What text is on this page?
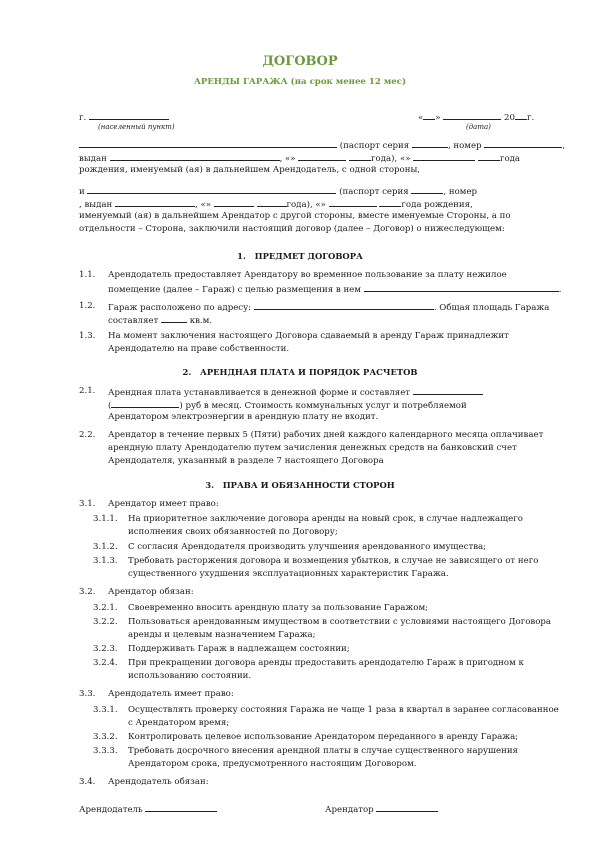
ДОГОВОР
АРЕНДЫ ГАРАЖА (на срок менее 12 мес)
г.
(населенный пункт)
« »	20 г.
(дата)
(паспорт серия	, номер	,
выдан	, «»	года), «»	года
рождения, именуемый (ая) в дальнейшем Арендодатель, с одной стороны,
и	(паспорт серия	, номер
, выдан	, «»	года), «»	года рождения,
именуемый (ая) в дальнейшем Арендатор с другой стороны, вместе именуемые Стороны, а по
отдельности – Сторона, заключили настоящий договор (далее – Договор) о нижеследующем:
1.   ПРЕДМЕТ ДОГОВОРА
1.1. Арендодатель предоставляет Арендатору во временное пользование за плату нежилое
помещение (далее – Гараж) с целью размещения в нем	.
1.2. Гараж расположено по адресу:	. Общая площадь Гаража
составляет	кв.м.
1.3. На момент заключения настоящего Договора сдаваемый в аренду Гараж принадлежит
Арендодателю на праве собственности.
2.   АРЕНДНАЯ ПЛАТА И ПОРЯДОК РАСЧЕТОВ
2.1. Арендная плата устанавливается в денежной форме и составляет
(	) руб в месяц. Стоимость коммунальных услуг и потребляемой
Арендатором электроэнергии в арендную плату не входит.
2.2. Арендатор в течение первых 5 (Пяти) рабочих дней каждого календарного месяца оплачивает
арендную плату Арендодателю путем зачисления денежных средств на банковский счет
Арендодателя, указанный в разделе 7 настоящего Договора
3.   ПРАВА И ОБЯЗАННОСТИ СТОРОН
3.1. Арендатор имеет право:
3.1.1. На приоритетное заключение договора аренды на новый срок, в случае надлежащего
исполнения своих обязанностей по Договору;
3.1.2. С согласия Арендодателя производить улучшения арендованного имущества;
3.1.3. Требовать расторжения договора и возмещения убытков, в случае не зависящего от него
существенного ухудшения эксплуатационных характеристик Гаража.
3.2. Арендатор обязан:
3.2.1. Своевременно вносить арендную плату за пользование Гаражом;
3.2.2. Пользоваться арендованным имуществом в соответствии с условиями настоящего Договора
аренды и целевым назначением Гаража;
3.2.3. Поддерживать Гараж в надлежащем состоянии;
3.2.4. При прекращении договора аренды предоставить арендодателю Гараж в пригодном к
использованию состоянии.
3.3. Арендодатель имеет право:
3.3.1. Осуществлять проверку состояния Гаража не чаще 1 раза в квартал в заранее согласованное
с Арендатором время;
3.3.2. Контролировать целевое использование Арендатором переданного в аренду Гаража;
3.3.3. Требовать досрочного внесения арендной платы в случае существенного нарушения
Арендатором срока, предусмотренного настоящим Договором.
3.4. Арендодатель обязан:
Арендодатель	Арендатор
